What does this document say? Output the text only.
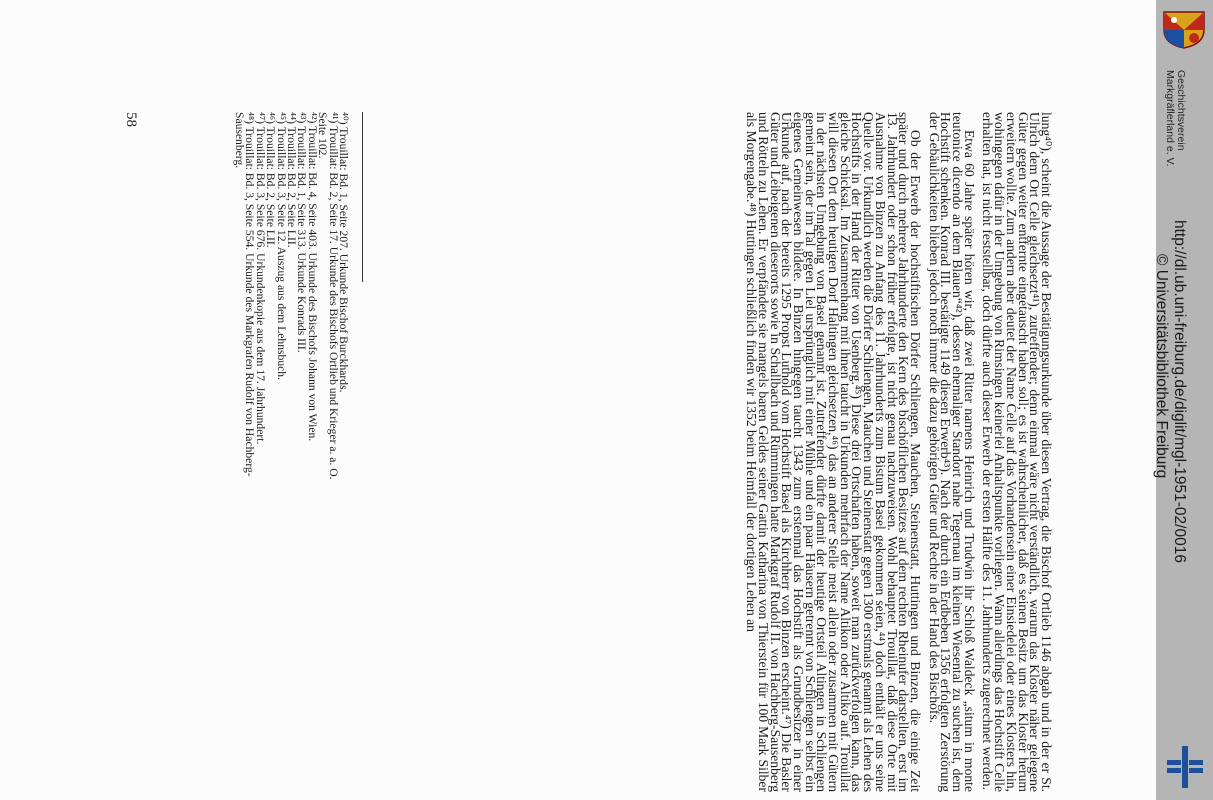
lung⁴⁰), scheint die Aussage der Bestätigungsurkunde über diesen Vertrag, die Bischof Ortlieb 1146 abgab und in der er St. Ulrich dem Ort Celle gleichsetzt⁴¹), zutreffender; denn einmal wäre nicht verständlich, warum das Kloster näher gelegene Güter gegen weiter entfernte eingetauscht haben soll; es ist wahrscheinlicher, daß es seinen Besitz um das Kloster herum erweitern wollte. Zum andern aber deutet der Name Celle auf das Vorhandensein einer Einsiedelei oder eines Klosters hin, wohingegen dafür in der Umgebung von Rimsingen keinerlei Anhaltspunkte vorliegen. Wann allerdings das Hochstift Celle erhalten hat, ist nicht feststellbar, doch dürfte auch dieser Erwerb der ersten Hälfte des 11. Jahrhunderts zugerechnet werden.

Etwa 60 Jahre später hören wir, daß zwei Ritter namens Heinrich und Trudwin ihr Schloß Waldeck „situm in monte teutonice dicendo an dem Blauen“⁴²), dessen ehemaliger Standort nahe Tegernau im kleinen Wiesental zu suchen ist, dem Hochstift schenken. Konrad III. bestätigte 1149 diesen Erwerb⁴³). Nach der durch ein Erdbeben 1356 erfolgten Zerstörung der Gebäulichkeiten blieben jedoch noch immer die dazu gehörigen Güter und Rechte in der Hand des Bischofs.

Ob der Erwerb der hochstiftischen Dörfer Schliengen, Mauchen, Steinenstatt, Huttingen und Binzen, die einige Zeit später und durch mehrere Jahrhunderte den Kern des bischöflichen Besitzes auf dem rechten Rheinufer darstellten, erst im 13. Jahrhundert oder schon früher erfolgte, ist nicht genau nachzuweisen. Wohl behauptet Trouillat, daß diese Orte mit Ausnahme von Binzen zu Anfang des 11. Jahrhunderts zum Bistum Basel gekommen seien,⁴⁴) doch enthält er uns seine Quelle vor. Urkundlich werden die Dörfer Schliengen, Mauchen und Steinenstatt gegen 1300 erstmals genannt als Lehen des Hochstifts in der Hand der Ritter von Usenberg.⁴⁵) Diese drei Ortschaften haben, soweit man zurückverfolgen kann, das gleiche Schicksal. Im Zusammenhang mit ihnen taucht in Urkunden mehrfach der Name Altikon oder Altiko auf. Trouillat will diesen Ort dem heutigen Dorf Haltingen gleichsetzen,⁴⁶) das an anderer Stelle meist allein oder zusammen mit Gütern in der nächsten Umgebung von Basel genannt ist. Zutreffender dürfte damit der heutige Ortsteil Altingen in Schliengen gemeint sein, der im Tal gegen Liel ursprünglich mit einer Mühle und ein paar Häusern getrennt von Schliengen selbst ein eigenes Gemeinwesen bildete. In Binzen hingegen taucht 1343 zum erstenmal das Hochstift als Grundbesitzer in einer Urkunde auf, nach der bereits 1295 Propst Luthold vom Hochstift Basel als Kirchherr von Binzen erscheint.⁴⁷) Die Basler Güter und Leibeigenen dieserorts sowie in Schallbach und Rümmingen hatte Markgraf Rudolf II. von Hachberg-Sausenberg und Rötteln zu Lehen. Er verpfändete sie mangels baren Geldes seiner Gattin Katharina von Thierstein für 100 Mark Silber als Morgengabe.⁴⁸) Huttingen schließlich finden wir 1352 beim Heimfall der dortigen Lehen an

⁴⁰) Trouillat: Bd. 1, Seite 207. Urkunde Bischof Burckhards.
⁴¹) Trouillat: Bd. 2, Seite 17. Urkunde des Bischofs Ortlieb und Krieger a. a. O.
Seite 102.
⁴²) Trouillat: Bd. 4, Seite 403. Urkunde des Bischofs Johann von Wien.
⁴³) Trouillat: Bd. 1, Seite 313. Urkunde Konrads III.
⁴⁴) Trouillat: Bd. 2, Seite LII.
⁴⁵) Trouillat: Bd. 3, Seite 12. Auszug aus dem Lehnsbuch.
⁴⁶) Trouillat: Bd. 2, Seite LII.
⁴⁷) Trouillat: Bd. 3, Seite 676. Urkundenkopie aus dem 17. Jahrhundert.
⁴⁸) Trouillat: Bd. 3, Seite 554. Urkunde des Markgrafen Rudolf von Hachberg-
Sausenberg.
58	Geschichtsverein
Markgräflerland e. V.
http://dl.ub.uni-freiburg.de/diglit/mgl-1951-02/0016
© Universitätsbibliothek Freiburg
